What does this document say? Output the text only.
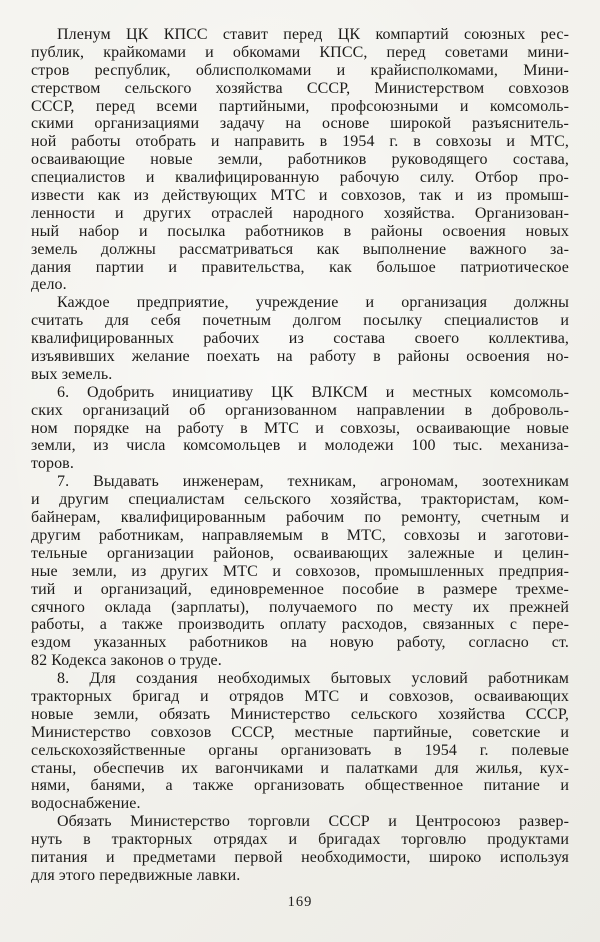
Пленум ЦК КПСС ставит перед ЦК компартий союзных рес-
публик, крайкомами и обкомами КПСС, перед советами мини-
стров республик, облисполкомами и крайисполкомами, Мини-
стерством сельского хозяйства СССР, Министерством совхозов
СССР, перед всеми партийными, профсоюзными и комсомоль-
скими организациями задачу на основе широкой разъяснитель-
ной работы отобрать и направить в 1954 г. в совхозы и МТС,
осваивающие новые земли, работников руководящего состава,
специалистов и квалифицированную рабочую силу. Отбор про-
извести как из действующих МТС и совхозов, так и из промыш-
ленности и других отраслей народного хозяйства. Организован-
ный набор и посылка работников в районы освоения новых
земель должны рассматриваться как выполнение важного за-
дания партии и правительства, как большое патриотическое
дело.
Каждое предприятие, учреждение и организация должны
считать для себя почетным долгом посылку специалистов и
квалифицированных рабочих из состава своего коллектива,
изъявивших желание поехать на работу в районы освоения но-
вых земель.
6. Одобрить инициативу ЦК ВЛКСМ и местных комсомоль-
ских организаций об организованном направлении в доброволь-
ном порядке на работу в МТС и совхозы, осваивающие новые
земли, из числа комсомольцев и молодежи 100 тыс. механиза-
торов.
7. Выдавать инженерам, техникам, агрономам, зоотехникам
и другим специалистам сельского хозяйства, трактористам, ком-
байнерам, квалифицированным рабочим по ремонту, счетным и
другим работникам, направляемым в МТС, совхозы и заготови-
тельные организации районов, осваивающих залежные и целин-
ные земли, из других МТС и совхозов, промышленных предприя-
тий и организаций, единовременное пособие в размере трехме-
сячного оклада (зарплаты), получаемого по месту их прежней
работы, а также производить оплату расходов, связанных с пере-
ездом указанных работников на новую работу, согласно ст.
82 Кодекса законов о труде.
8. Для создания необходимых бытовых условий работникам
тракторных бригад и отрядов МТС и совхозов, осваивающих
новые земли, обязать Министерство сельского хозяйства СССР,
Министерство совхозов СССР, местные партийные, советские и
сельскохозяйственные органы организовать в 1954 г. полевые
станы, обеспечив их вагончиками и палатками для жилья, кух-
нями, банями, а также организовать общественное питание и
водоснабжение.
Обязать Министерство торговли СССР и Центросоюз развер-
нуть в тракторных отрядах и бригадах торговлю продуктами
питания и предметами первой необходимости, широко используя
для этого передвижные лавки.
169
